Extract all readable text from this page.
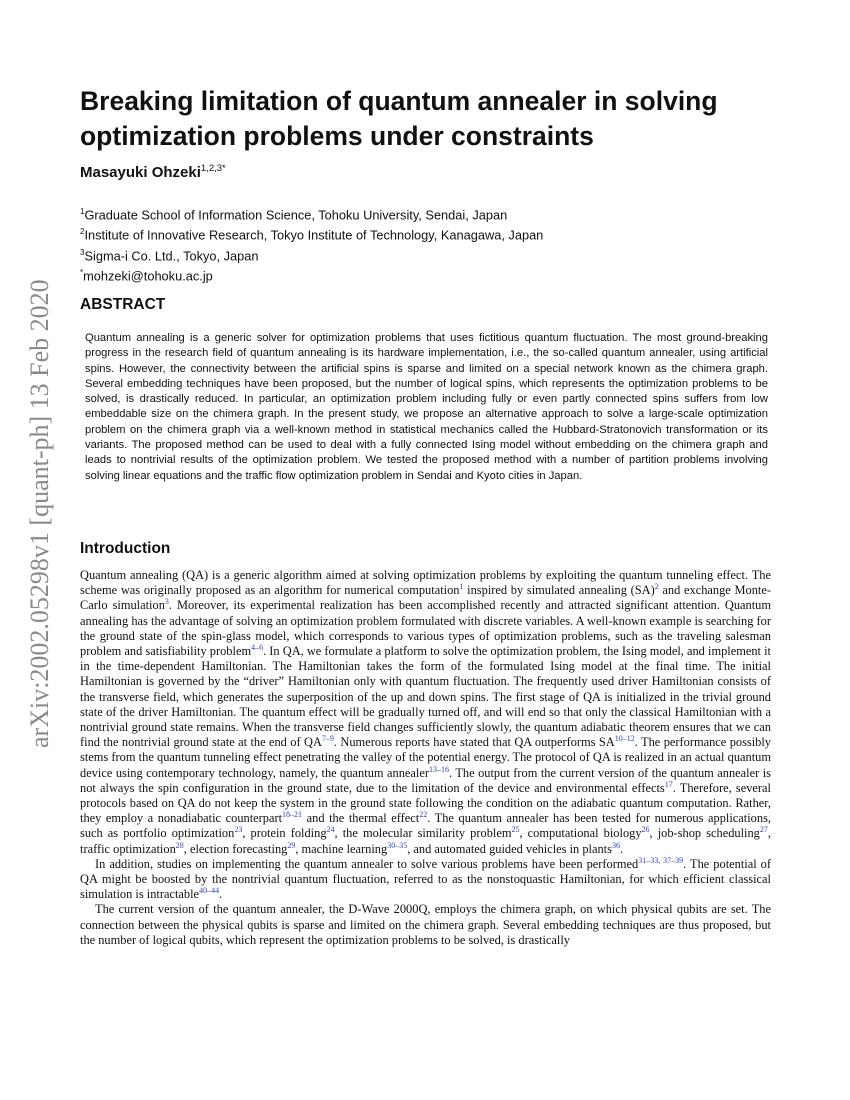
arXiv:2002.05298v1 [quant-ph] 13 Feb 2020
Breaking limitation of quantum annealer in solving optimization problems under constraints
Masayuki Ohzeki$^{1,2,3*}$
$^1$Graduate School of Information Science, Tohoku University, Sendai, Japan
$^2$Institute of Innovative Research, Tokyo Institute of Technology, Kanagawa, Japan
$^3$Sigma-i Co. Ltd., Tokyo, Japan
*mohzeki@tohoku.ac.jp
ABSTRACT

Quantum annealing is a generic solver for optimization problems that uses fictitious quantum fluctuation. The most ground-breaking progress in the research field of quantum annealing is its hardware implementation, i.e., the so-called quantum annealer, using artificial spins. However, the connectivity between the artificial spins is sparse and limited on a special network known as the chimera graph. Several embedding techniques have been proposed, but the number of logical spins, which represents the optimization problems to be solved, is drastically reduced. In particular, an optimization problem including fully or even partly connected spins suffers from low embeddable size on the chimera graph. In the present study, we propose an alternative approach to solve a large-scale optimization problem on the chimera graph via a well-known method in statistical mechanics called the Hubbard-Stratonovich transformation or its variants. The proposed method can be used to deal with a fully connected Ising model without embedding on the chimera graph and leads to nontrivial results of the optimization problem. We tested the proposed method with a number of partition problems involving solving linear equations and the traffic flow optimization problem in Sendai and Kyoto cities in Japan.

Introduction

Quantum annealing (QA) is a generic algorithm aimed at solving optimization problems by exploiting the quantum tunneling effect. The scheme was originally proposed as an algorithm for numerical computation$^1$ inspired by simulated annealing (SA)$^2$ and exchange Monte-Carlo simulation$^3$. Moreover, its experimental realization has been accomplished recently and attracted significant attention. Quantum annealing has the advantage of solving an optimization problem formulated with discrete variables. A well-known example is searching for the ground state of the spin-glass model, which corresponds to various types of optimization problems, such as the traveling salesman problem and satisfiability problem$^{4-6}$. In QA, we formulate a platform to solve the optimization problem, the Ising model, and implement it in the time-dependent Hamiltonian. The Hamiltonian takes the form of the formulated Ising model at the final time. The initial Hamiltonian is governed by the “driver” Hamiltonian only with quantum fluctuation. The frequently used driver Hamiltonian consists of the transverse field, which generates the superposition of the up and down spins. The first stage of QA is initialized in the trivial ground state of the driver Hamiltonian. The quantum effect will be gradually turned off, and will end so that only the classical Hamiltonian with a nontrivial ground state remains. When the transverse field changes sufficiently slowly, the quantum adiabatic theorem ensures that we can find the nontrivial ground state at the end of QA$^{7-9}$. Numerous reports have stated that QA outperforms SA$^{10-12}$. The performance possibly stems from the quantum tunneling effect penetrating the valley of the potential energy. The protocol of QA is realized in an actual quantum device using contemporary technology, namely, the quantum annealer$^{13-16}$. The output from the current version of the quantum annealer is not always the spin configuration in the ground state, due to the limitation of the device and environmental effects$^{17}$. Therefore, several protocols based on QA do not keep the system in the ground state following the condition on the adiabatic quantum computation. Rather, they employ a nonadiabatic counterpart$^{18-21}$ and the thermal effect$^{22}$. The quantum annealer has been tested for numerous applications, such as portfolio optimization$^{23}$, protein folding$^{24}$, the molecular similarity problem$^{25}$, computational biology$^{26}$, job-shop scheduling$^{27}$, traffic optimization$^{28}$, election forecasting$^{29}$, machine learning$^{30-35}$, and automated guided vehicles in plants$^{36}$.

In addition, studies on implementing the quantum annealer to solve various problems have been performed$^{31-33, 37-39}$. The potential of QA might be boosted by the nontrivial quantum fluctuation, referred to as the nonstoquastic Hamiltonian, for which efficient classical simulation is intractable$^{40-44}$.

The current version of the quantum annealer, the D-Wave 2000Q, employs the chimera graph, on which physical qubits are set. The connection between the physical qubits is sparse and limited on the chimera graph. Several embedding techniques are thus proposed, but the number of logical qubits, which represent the optimization problems to be solved, is drastically
